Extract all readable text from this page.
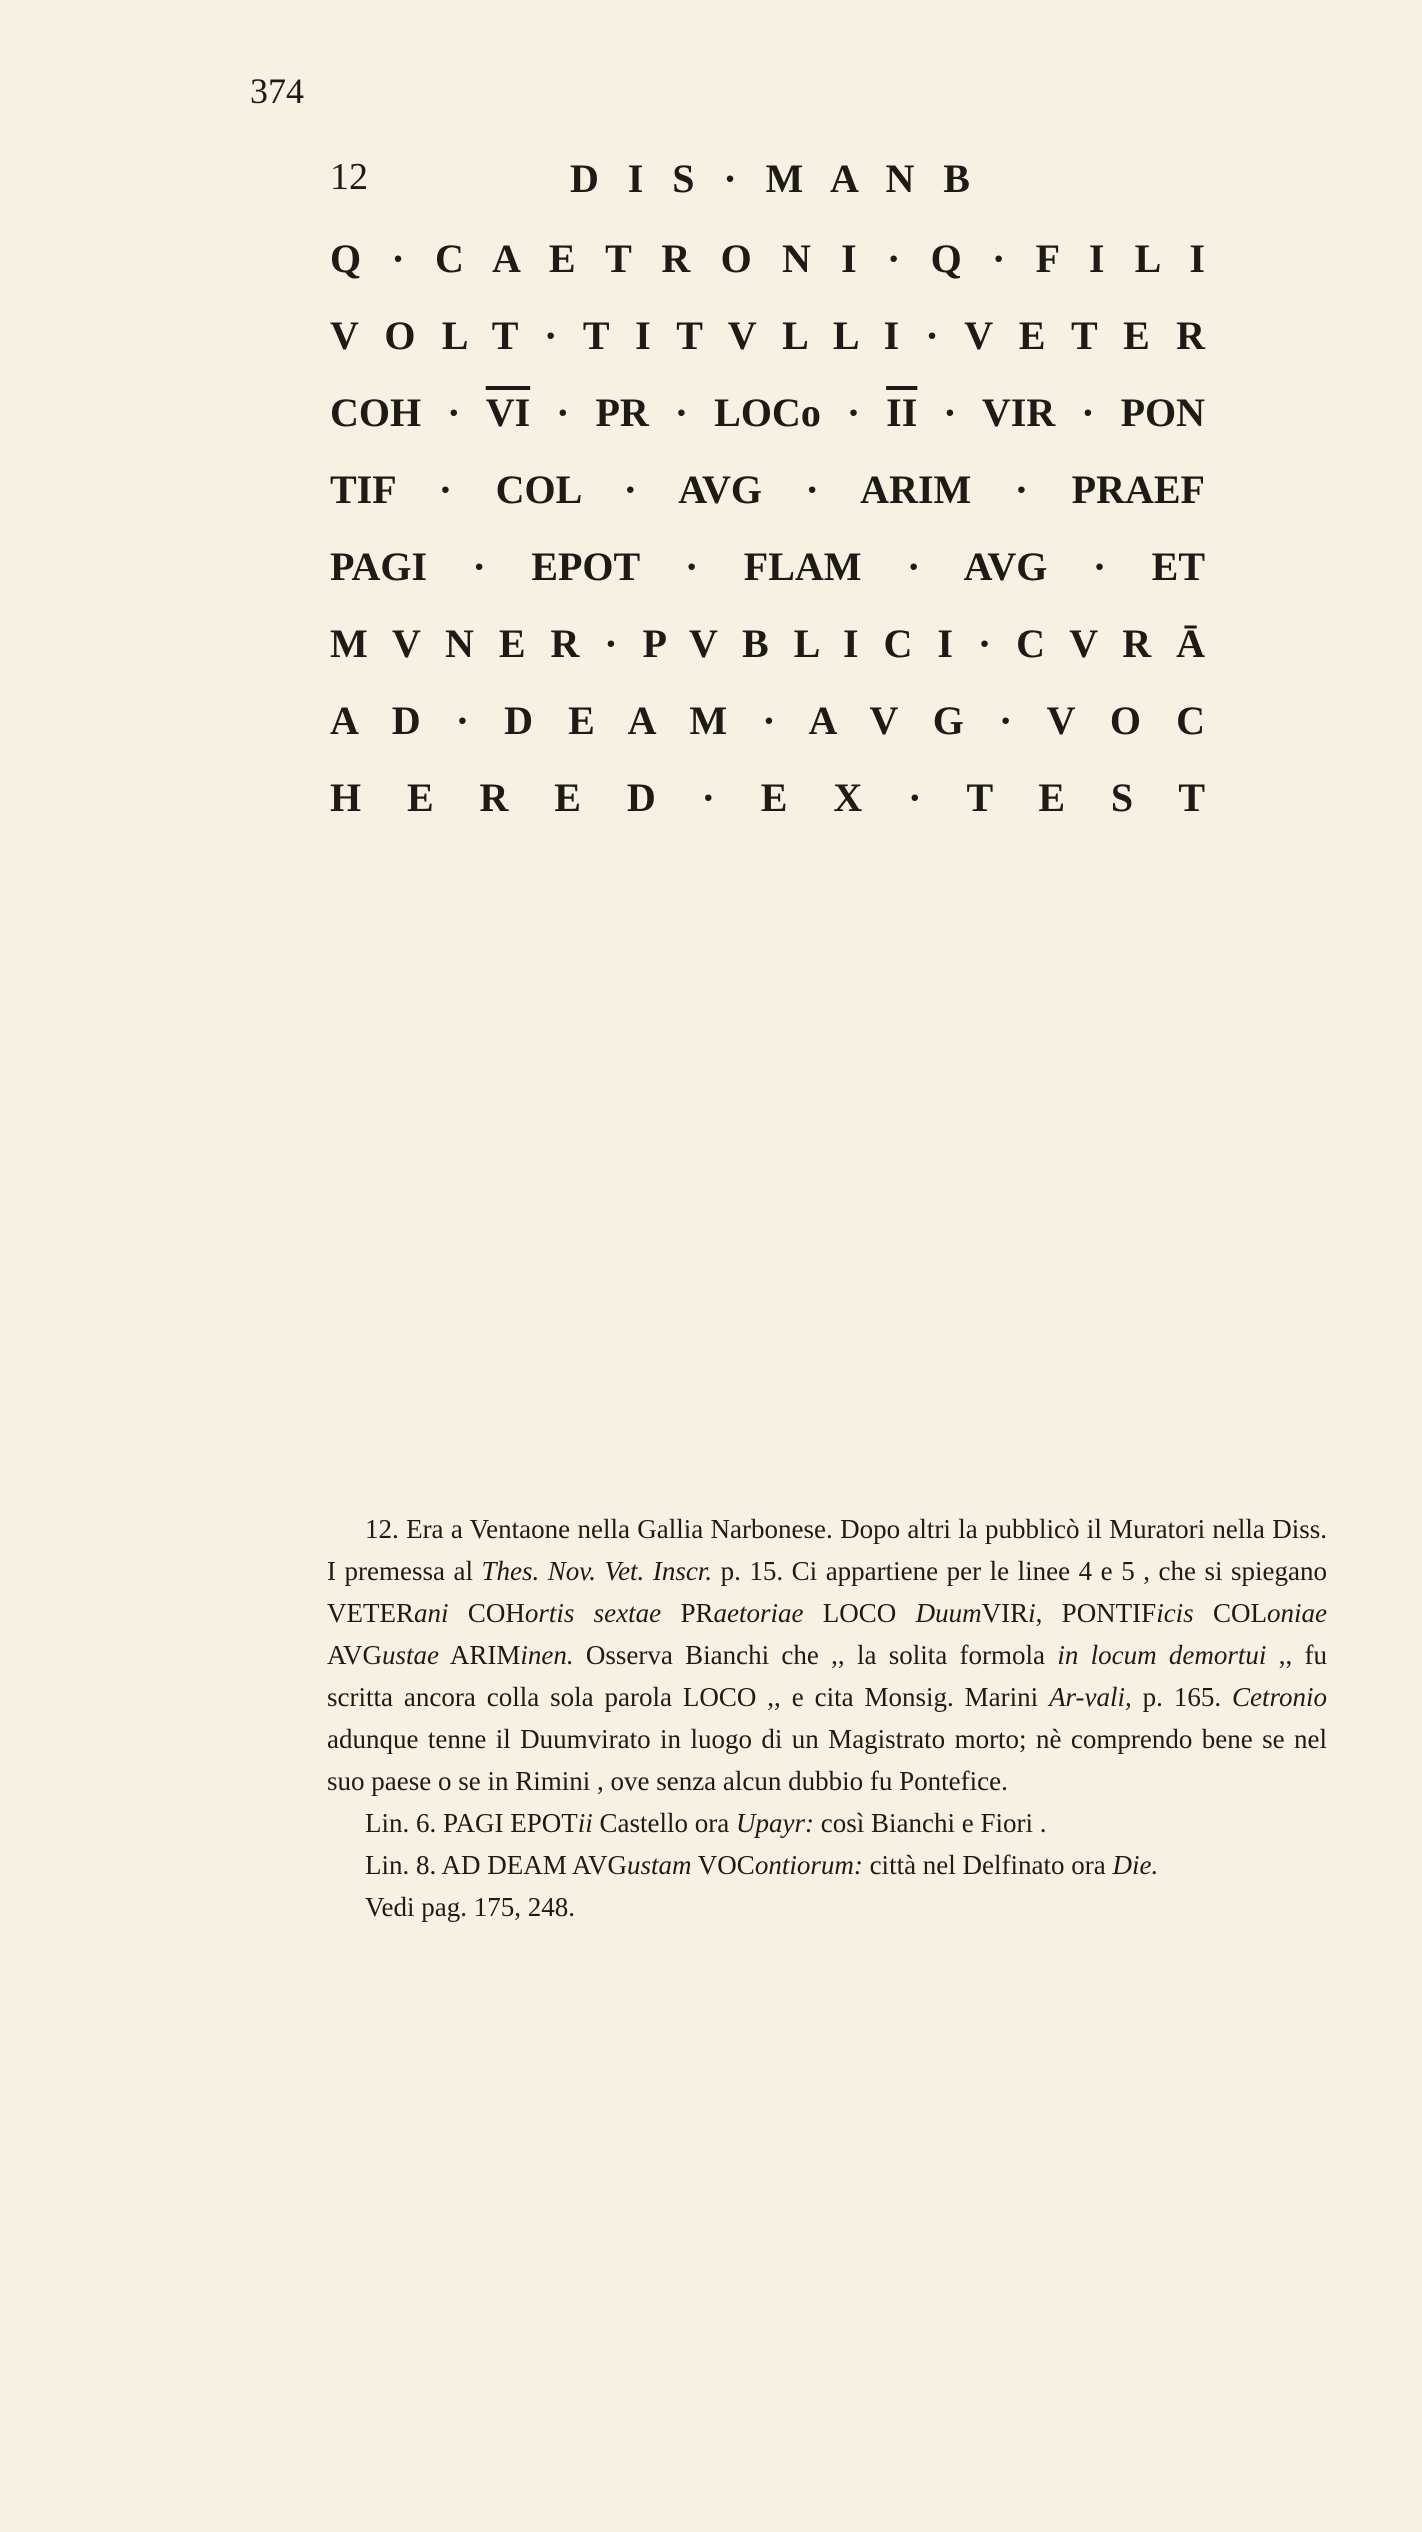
374
12	D I S · M A N B
Q · C A E T R O N I · Q · F I L I
V O L T · T I T V L L I · V E T E R
COH · $\overline{VI}$ · PR · LOCo · $\overline{II}$ · VIR · PON
TIF · COL · AVG · ARIM · PRAEF
PAGI · EPOT · FLAM · AVG · ET
M V N E R · P V B L I C I · C V R Ā
A D · D E A M · A V G · V O C
H E R E D · E X · T E S T

12. Era a Ventaone nella Gallia Narbonese. Dopo altri la pubblicò il Muratori nella Diss. I premessa al Thes. Nov. Vet. Inscr. p. 15. Ci appartiene per le linee 4 e 5 , che si spiegano VETERani COHortis sextae PRaetoriae LOCO DuumVIRi, PONTIFicis COLoniae AVGustae ARIMinen. Osserva Bianchi che ,, la solita formola in locum demortui ,, fu scritta ancora colla sola parola LOCO ,, e cita Monsig. Marini Ar-vali, p. 165. Cetronio adunque tenne il Duumvirato in luogo di un Magistrato morto; nè comprendo bene se nel suo paese o se in Rimini , ove senza alcun dubbio fu Pontefice.

Lin. 6. PAGI EPOTii Castello ora Upayr: così Bianchi e Fiori .

Lin. 8. AD DEAM AVGustam VOContiorum: città nel Delfinato ora Die.

Vedi pag. 175, 248.
